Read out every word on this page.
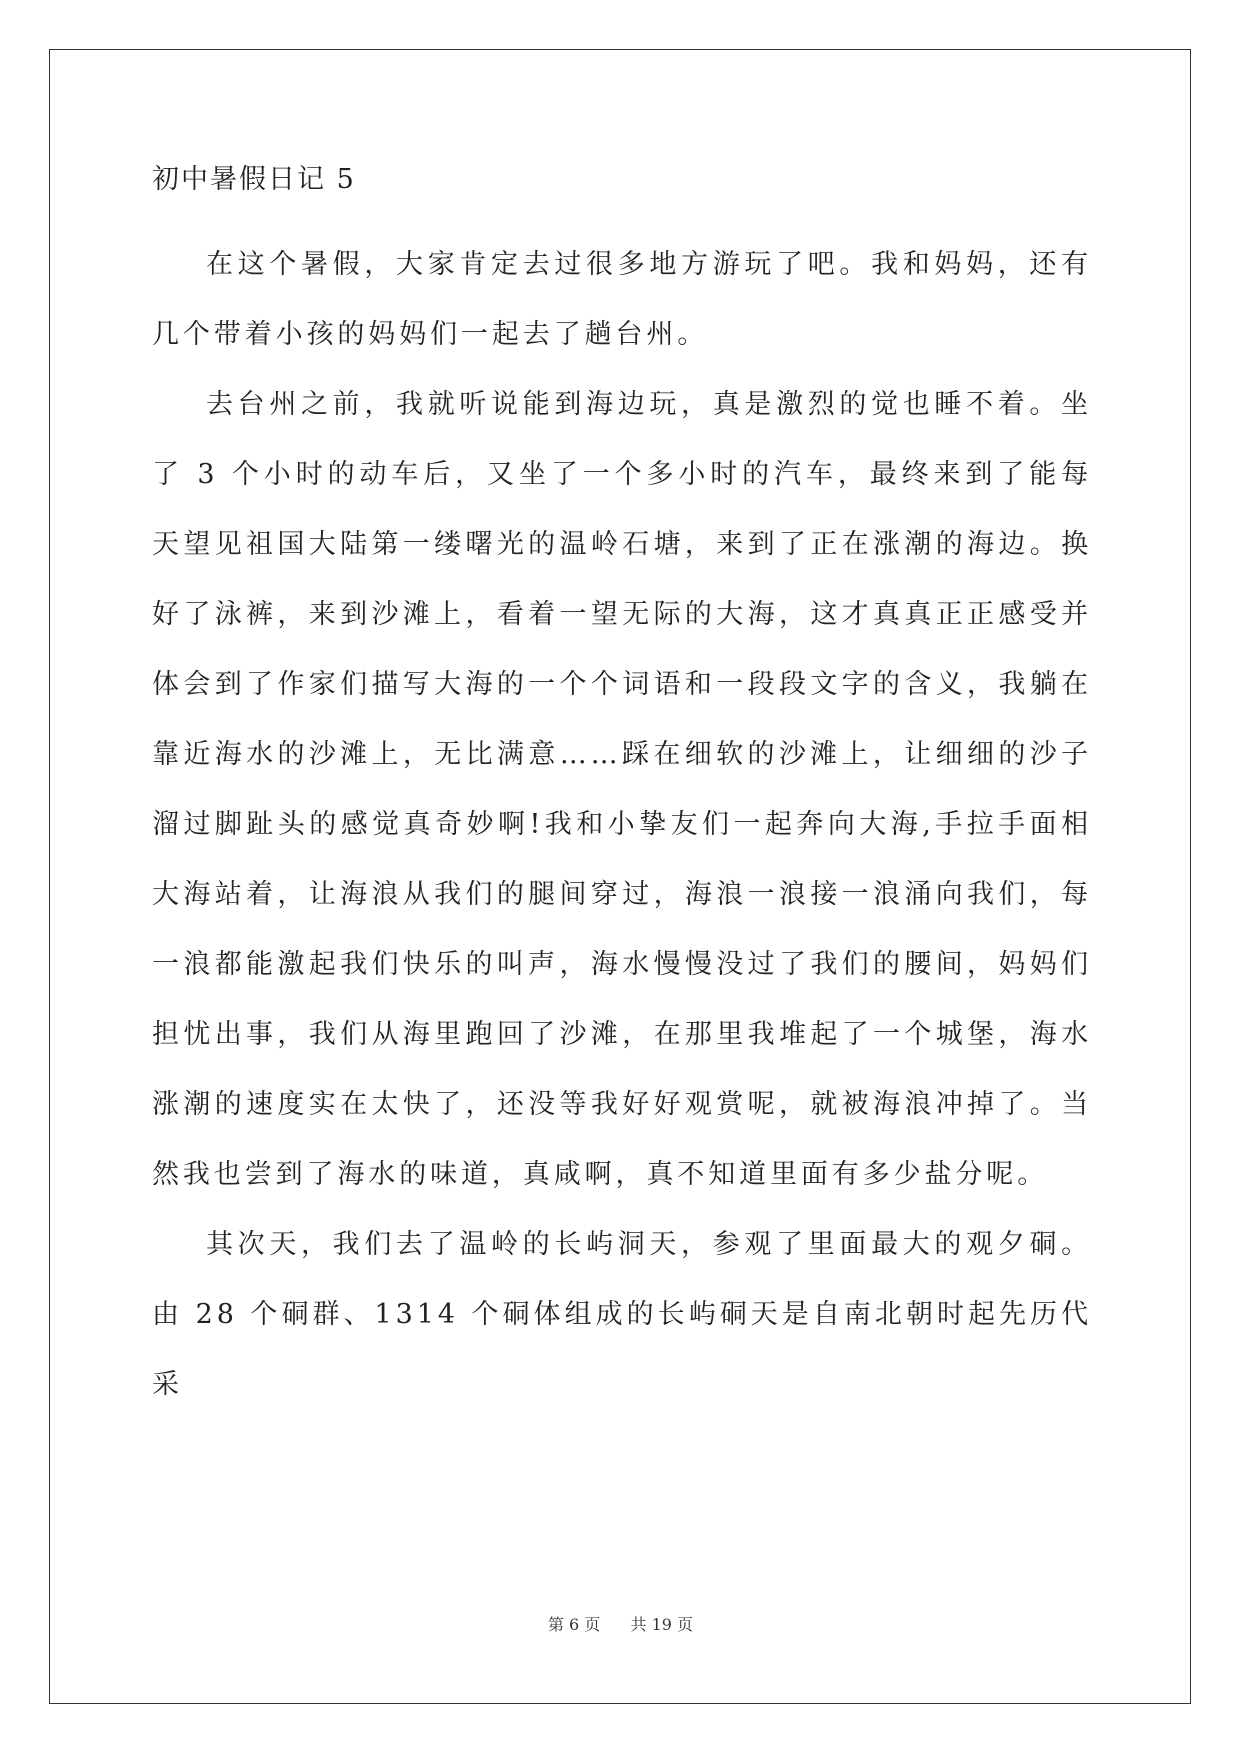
初中暑假日记 5

在这个暑假，大家肯定去过很多地方游玩了吧。我和妈妈，还有几个带着小孩的妈妈们一起去了趟台州。

去台州之前，我就听说能到海边玩，真是激烈的觉也睡不着。坐了 3 个小时的动车后，又坐了一个多小时的汽车，最终来到了能每天望见祖国大陆第一缕曙光的温岭石塘，来到了正在涨潮的海边。换好了泳裤，来到沙滩上，看着一望无际的大海，这才真真正正感受并体会到了作家们描写大海的一个个词语和一段段文字的含义，我躺在靠近海水的沙滩上，无比满意……踩在细软的沙滩上，让细细的沙子溜过脚趾头的感觉真奇妙啊!我和小挚友们一起奔向大海,手拉手面相大海站着，让海浪从我们的腿间穿过，海浪一浪接一浪涌向我们，每一浪都能激起我们快乐的叫声，海水慢慢没过了我们的腰间，妈妈们担忧出事，我们从海里跑回了沙滩，在那里我堆起了一个城堡，海水涨潮的速度实在太快了，还没等我好好观赏呢，就被海浪冲掉了。当然我也尝到了海水的味道，真咸啊，真不知道里面有多少盐分呢。

其次天，我们去了温岭的长屿洞天，参观了里面最大的观夕硐。由 28 个硐群、1314 个硐体组成的长屿硐天是自南北朝时起先历代采

第 6 页 共 19 页
